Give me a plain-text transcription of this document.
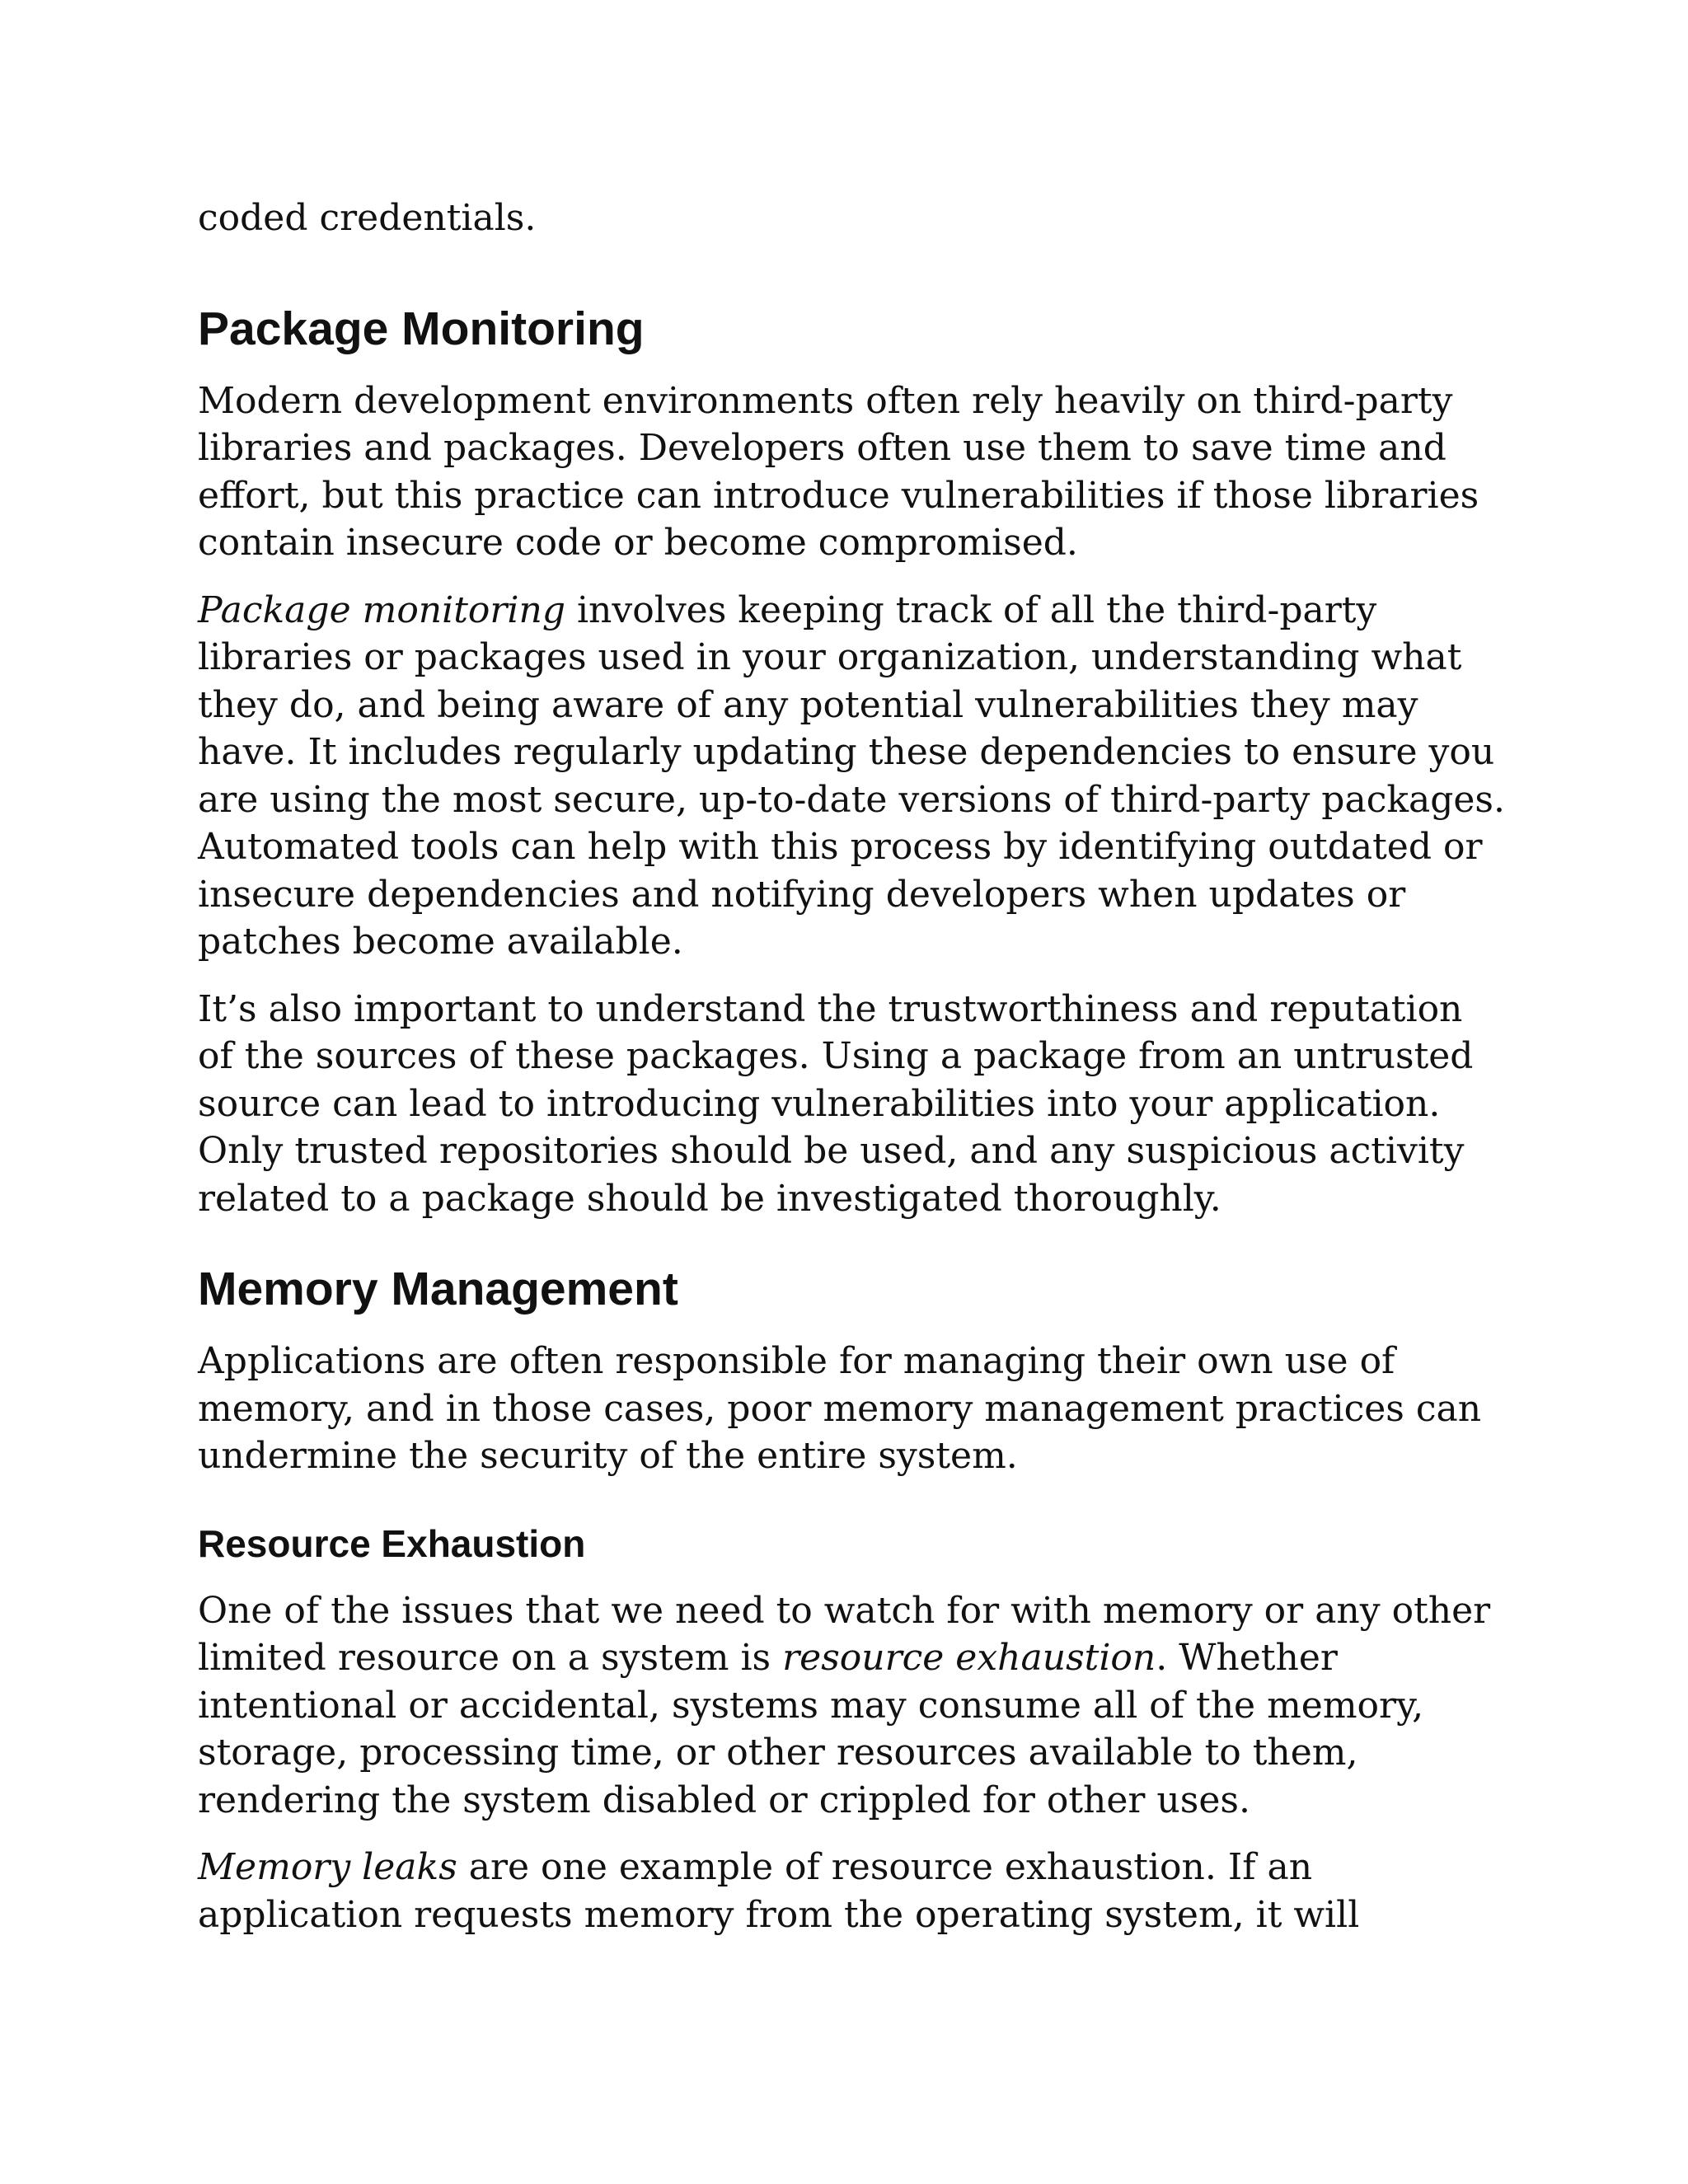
coded credentials.

Package Monitoring

Modern development environments often rely heavily on third-party libraries and packages. Developers often use them to save time and effort, but this practice can introduce vulnerabilities if those libraries contain insecure code or become compromised.

Package monitoring involves keeping track of all the third-party libraries or packages used in your organization, understanding what they do, and being aware of any potential vulnerabilities they may have. It includes regularly updating these dependencies to ensure you are using the most secure, up-to-date versions of third-party packages. Automated tools can help with this process by identifying outdated or insecure dependencies and notifying developers when updates or patches become available.

It’s also important to understand the trustworthiness and reputation of the sources of these packages. Using a package from an untrusted source can lead to introducing vulnerabilities into your application. Only trusted repositories should be used, and any suspicious activity related to a package should be investigated thoroughly.

Memory Management

Applications are often responsible for managing their own use of memory, and in those cases, poor memory management practices can undermine the security of the entire system.

Resource Exhaustion

One of the issues that we need to watch for with memory or any other limited resource on a system is resource exhaustion. Whether intentional or accidental, systems may consume all of the memory, storage, processing time, or other resources available to them, rendering the system disabled or crippled for other uses.

Memory leaks are one example of resource exhaustion. If an application requests memory from the operating system, it will
